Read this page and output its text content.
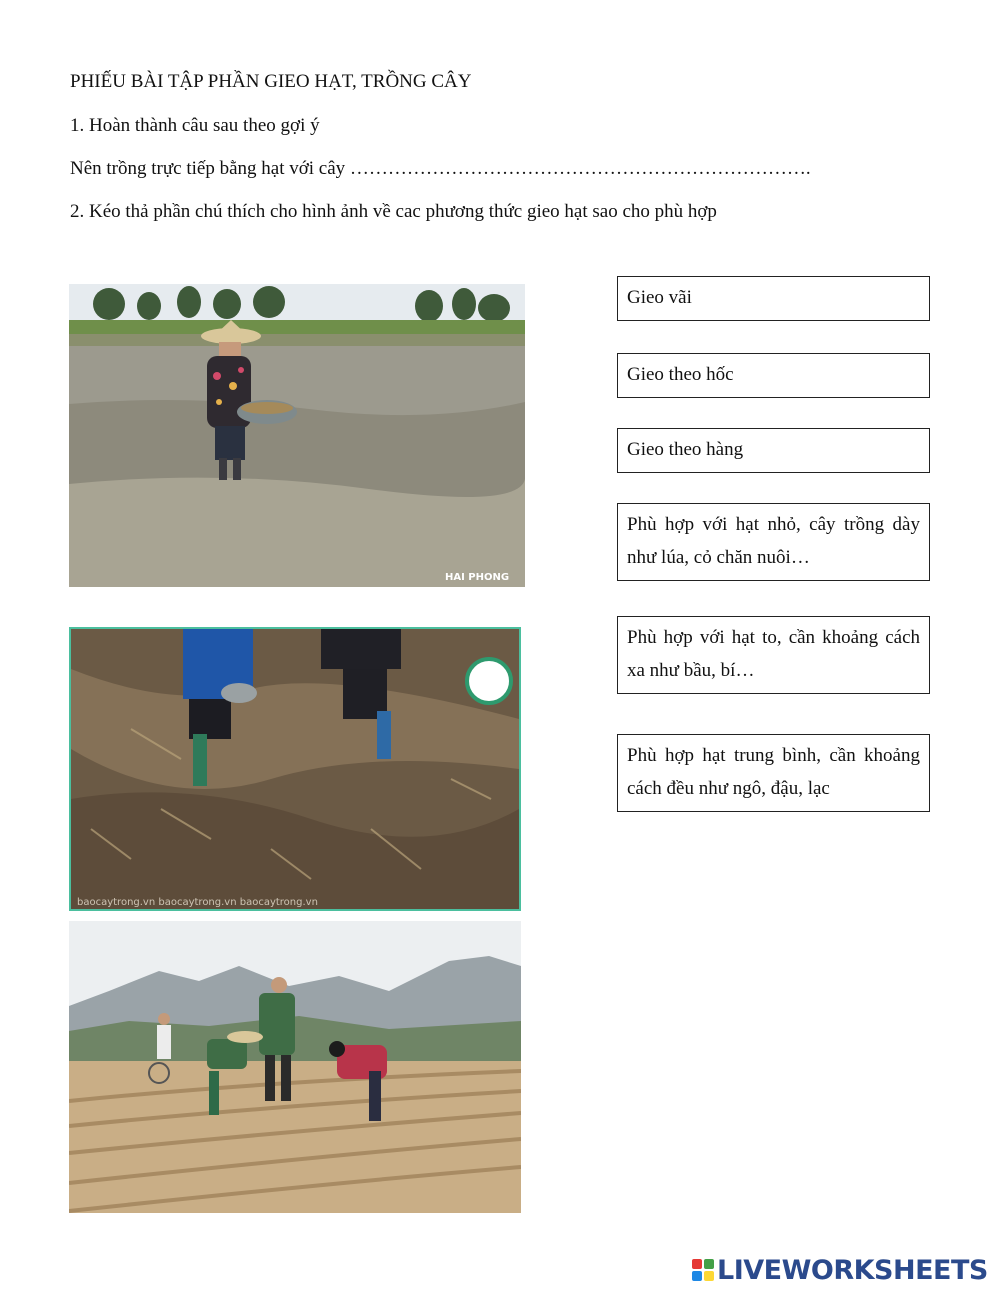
PHIẾU BÀI TẬP PHẦN GIEO HẠT, TRỒNG CÂY
1. Hoàn thành câu sau theo gợi ý
Nên trồng trực tiếp bằng hạt với cây ……………………………………………………………….
2. Kéo thả phần chú thích cho hình ảnh về cac phương thức gieo hạt sao cho phù hợp
HAI PHONG
baocaytrong.vn baocaytrong.vn baocaytrong.vn
Gieo vãi
Gieo theo hốc
Gieo theo hàng
Phù hợp với hạt nhỏ, cây trồng dày như lúa, cỏ chăn nuôi…
Phù hợp với hạt to, cần khoảng cách xa như bầu, bí…
Phù hợp hạt trung bình, cần khoảng cách đều như ngô, đậu, lạc
LIVEWORKSHEETS
